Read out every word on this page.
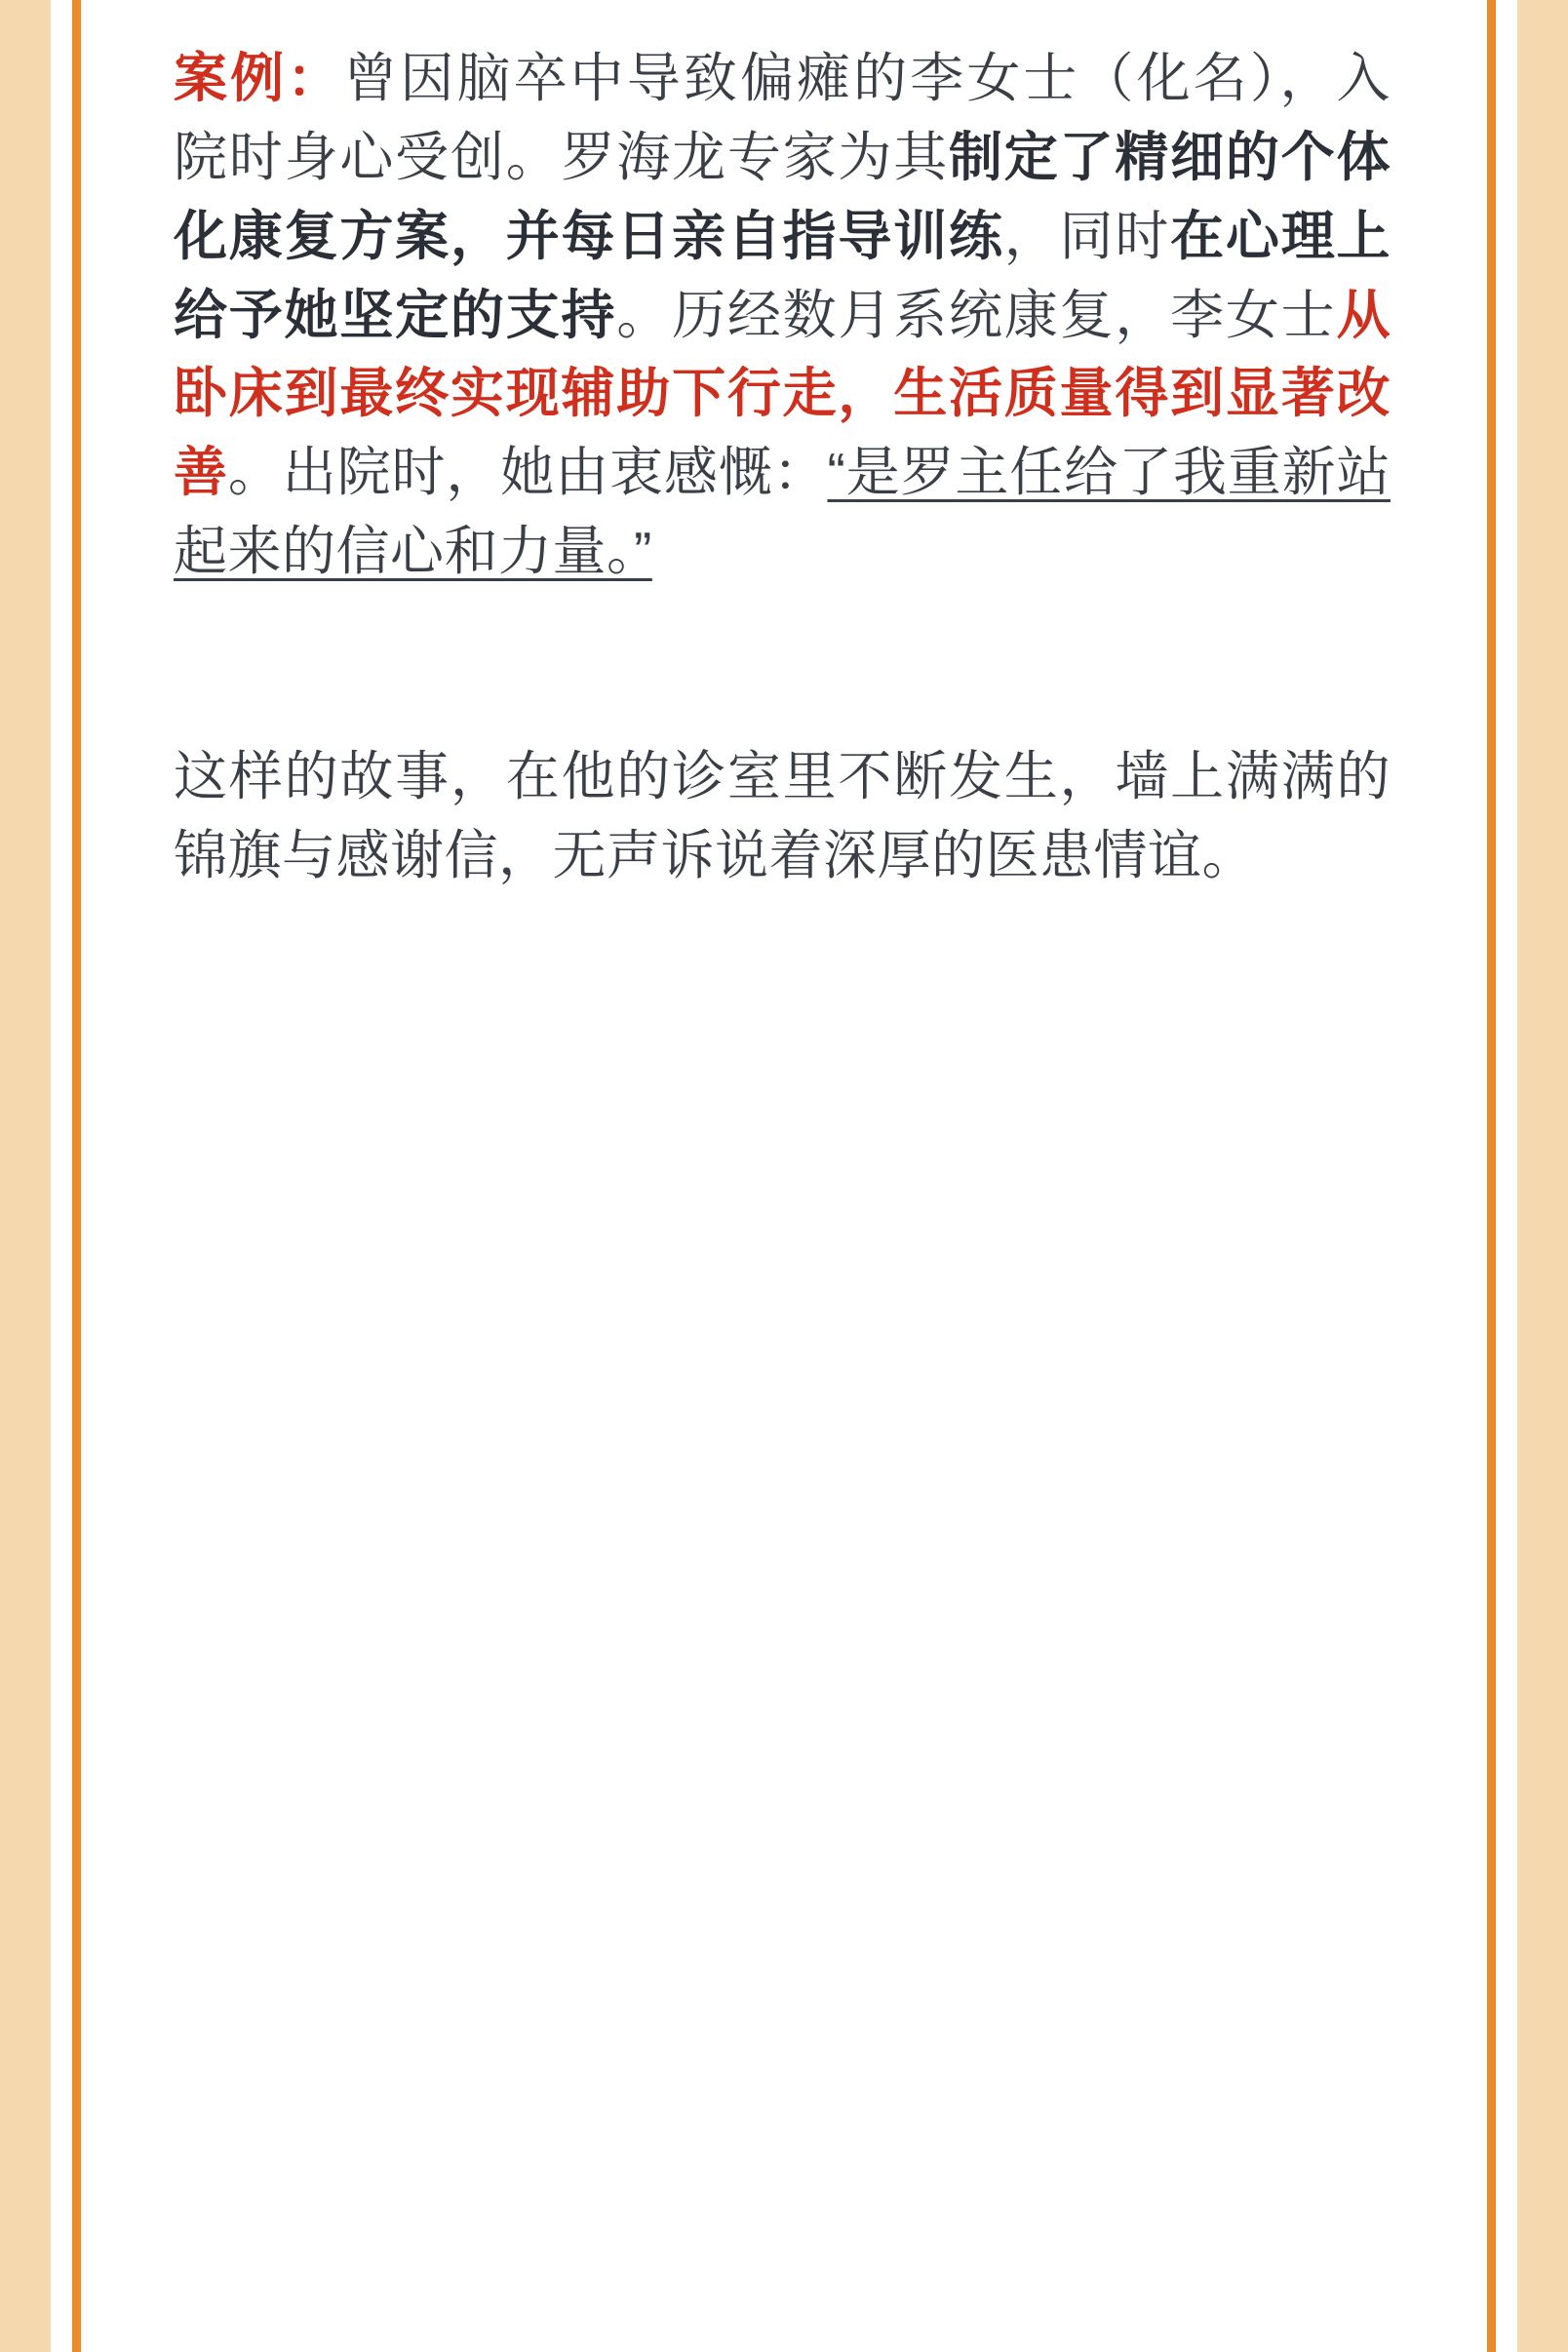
案例：曾因脑卒中导致偏瘫的李女士（化名），入院时身心受创。罗海龙专家为其制定了精细的个体化康复方案，并每日亲自指导训练，同时在心理上给予她坚定的支持。历经数月系统康复，李女士从卧床到最终实现辅助下行走，生活质量得到显著改善。出院时，她由衷感慨：“是罗主任给了我重新站起来的信心和力量。”

这样的故事，在他的诊室里不断发生，墙上满满的锦旗与感谢信，无声诉说着深厚的医患情谊。
